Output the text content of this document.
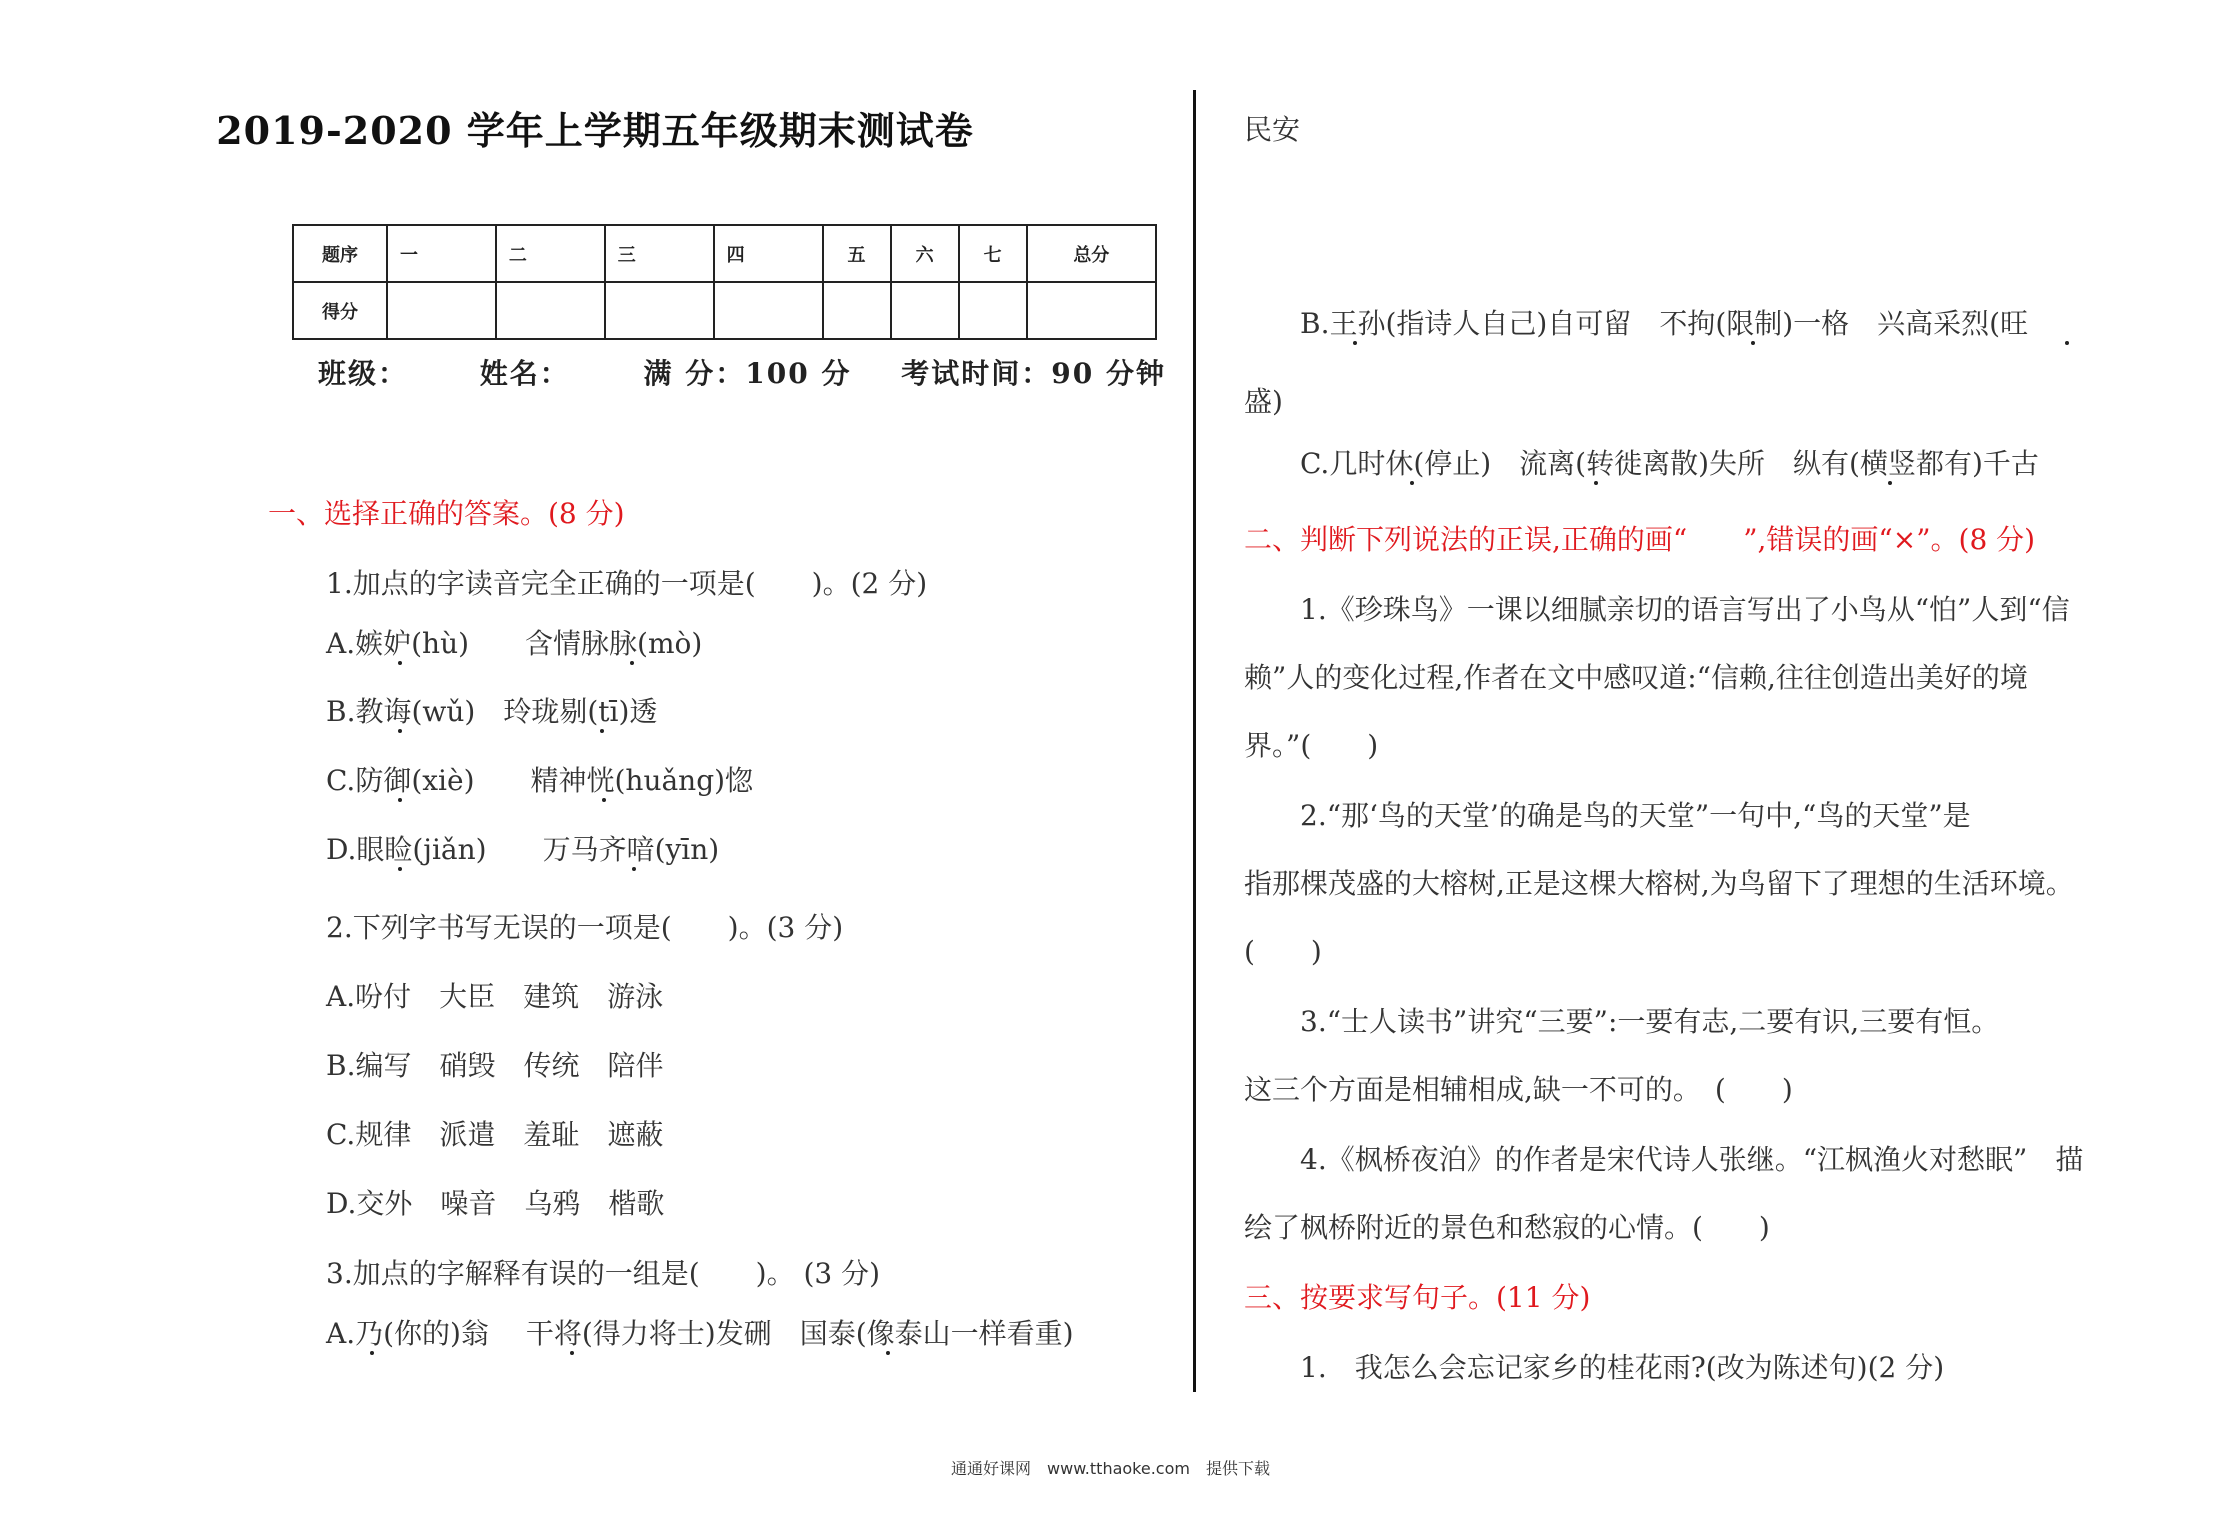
2019-2020 学年上学期五年级期末测试卷
题序	一	二	三	四	五	六	七	总分
得分								
班级：	姓名：	满 分：100 分 考试时间：90 分钟
一、选择正确的答案。(8 分)
1.加点的字读音完全正确的一项是(　　)。(2 分)
A.嫉妒(hù)　　含情脉脉(mò)
B.教诲(wǔ)　玲珑剔(tī)透
C.防御(xiè)　　精神恍(huǎng)惚
D.眼睑(jiǎn)　　万马齐喑(yīn)
2.下列字书写无误的一项是(　　)。(3 分)
A.吩付　大臣　建筑　游泳
B.编写　硝毁　传统　陪伴
C.规律　派遣　羞耻　遮蔽
D.交外　噪音　乌鸦　楷歌
3.加点的字解释有误的一组是(　　)。 (3 分)
A.乃(你的)翁　 干将(得力将士)发硎　国泰(像泰山一样看重)
民安
B.王孙(指诗人自己)自可留　不拘(限制)一格　兴高采烈(旺
盛)
C.几时休(停止)　流离(转徙离散)失所　纵有(横竖都有)千古
二、判断下列说法的正误,正确的画“　　”,错误的画“×”。(8 分)
1.《珍珠鸟》一课以细腻亲切的语言写出了小鸟从“怕”人到“信
赖”人的变化过程,作者在文中感叹道:“信赖,往往创造出美好的境
界。”(　　)
2.“那‘鸟的天堂’的确是鸟的天堂”一句中,“鸟的天堂”是
指那棵茂盛的大榕树,正是这棵大榕树,为鸟留下了理想的生活环境。
(　　)
3.“士人读书”讲究“三要”:一要有志,二要有识,三要有恒。
这三个方面是相辅相成,缺一不可的。　(　　)
4.《枫桥夜泊》的作者是宋代诗人张继。“江枫渔火对愁眠”　描
绘了枫桥附近的景色和愁寂的心情。(　　)
三、按要求写句子。(11 分)
1.　我怎么会忘记家乡的桂花雨?(改为陈述句)(2 分)
通通好课网　www.tthaoke.com　提供下载
